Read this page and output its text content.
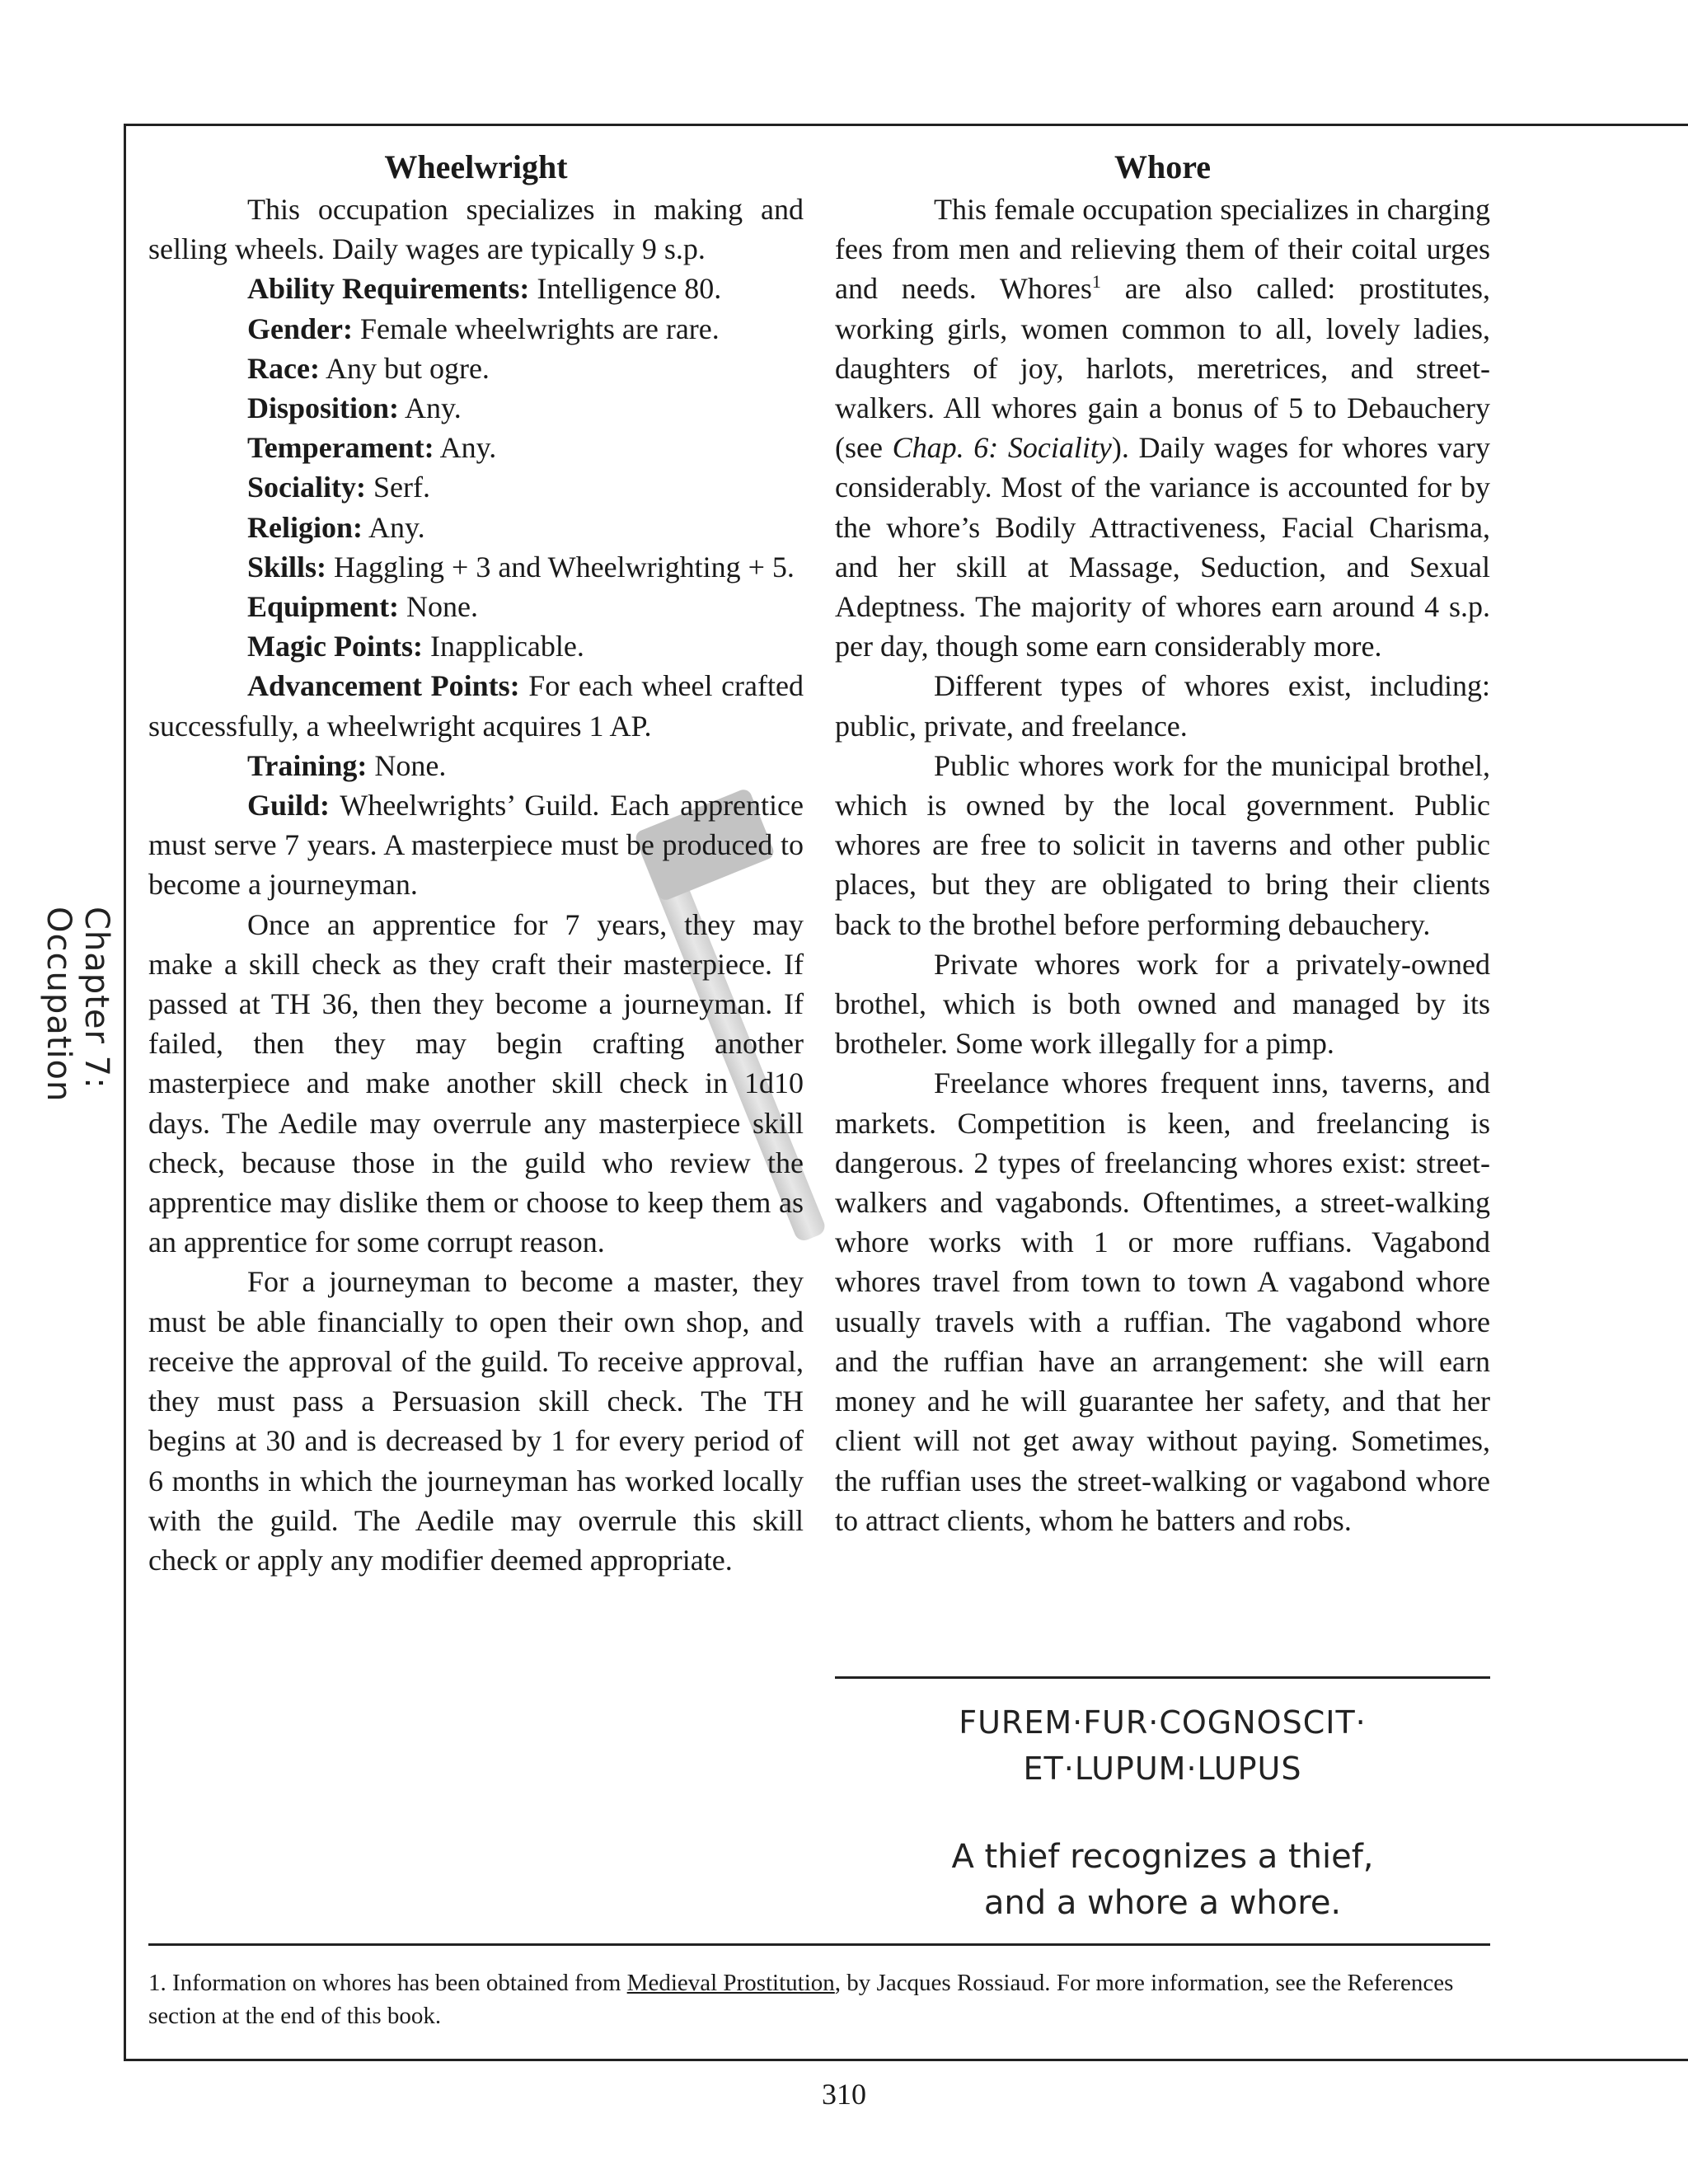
Chapter 7: Occupation
Wheelwright

This occupation specializes in making and selling wheels. Daily wages are typically 9 s.p.

Ability Requirements: Intelligence 80.

Gender: Female wheelwrights are rare.

Race: Any but ogre.

Disposition: Any.

Temperament: Any.

Sociality: Serf.

Religion: Any.

Skills: Haggling + 3 and Wheelwrighting + 5.

Equipment: None.

Magic Points: Inapplicable.

Advancement Points: For each wheel crafted successfully, a wheelwright acquires 1 AP.

Training: None.

Guild: Wheelwrights’ Guild. Each apprentice must serve 7 years. A masterpiece must be produced to become a journeyman.

Once an apprentice for 7 years, they may make a skill check as they craft their masterpiece. If passed at TH 36, then they become a journeyman. If failed, then they may begin crafting another masterpiece and make another skill check in 1d10 days. The Aedile may overrule any masterpiece skill check, because those in the guild who review the apprentice may dislike them or choose to keep them as an apprentice for some corrupt reason.

For a journeyman to become a master, they must be able financially to open their own shop, and receive the approval of the guild. To receive approval, they must pass a Persuasion skill check. The TH begins at 30 and is decreased by 1 for every period of 6 months in which the journeyman has worked locally with the guild. The Aedile may overrule this skill check or apply any modifier deemed appropriate.

Whore

This female occupation specializes in charging fees from men and relieving them of their coital urges and needs. Whores$^1$ are also called: prostitutes, working girls, women common to all, lovely ladies, daughters of joy, harlots, meretrices, and street-walkers. All whores gain a bonus of 5 to Debauchery (see Chap. 6: Sociality). Daily wages for whores vary considerably. Most of the variance is accounted for by the whore’s Bodily Attractiveness, Facial Charisma, and her skill at Massage, Seduction, and Sexual Adeptness. The majority of whores earn around 4 s.p. per day, though some earn considerably more.

Different types of whores exist, including: public, private, and freelance.

Public whores work for the municipal brothel, which is owned by the local government. Public whores are free to solicit in taverns and other public places, but they are obligated to bring their clients back to the brothel before performing debauchery.

Private whores work for a privately-owned brothel, which is both owned and managed by its brotheler. Some work illegally for a pimp.

Freelance whores frequent inns, taverns, and markets. Competition is keen, and freelancing is dangerous. 2 types of freelancing whores exist: street-walkers and vagabonds. Oftentimes, a street-walking whore works with 1 or more ruffians. Vagabond whores travel from town to town A vagabond whore usually travels with a ruffian. The vagabond whore and the ruffian have an arrangement: she will earn money and he will guarantee her safety, and that her client will not get away without paying. Sometimes, the ruffian uses the street-walking or vagabond whore to attract clients, whom he batters and robs.

FUREM·FUR·COGNOSCIT·
ET·LUPUM·LUPUS
A thief recognizes a thief,
and a whore a whore.
1. Information on whores has been obtained from Medieval Prostitution, by Jacques Rossiaud. For more information, see the References section at the end of this book.
310
